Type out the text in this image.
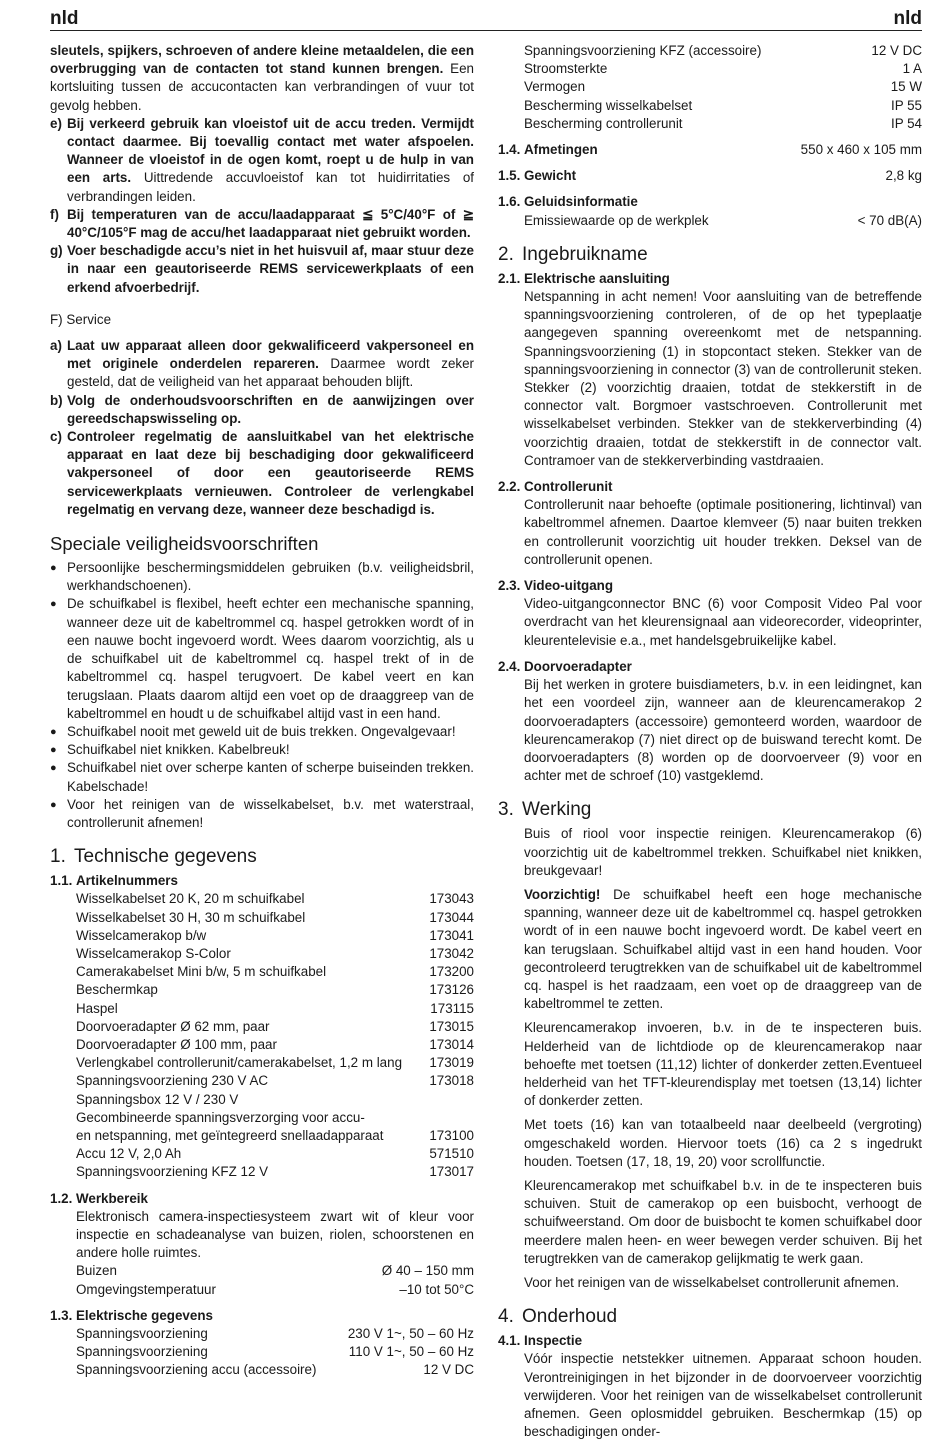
nld	nld

sleutels, spijkers, schroeven of andere kleine metaaldelen, die een overbrugging van de contacten tot stand kunnen brengen. Een kortsluiting tussen de accucontacten kan verbrandingen of vuur tot gevolg hebben.

e) Bij verkeerd gebruik kan vloeistof uit de accu treden. Vermijdt contact daarmee. Bij toevallig contact met water afspoelen. Wanneer de vloeistof in de ogen komt, roept u de hulp in van een arts. Uittredende accuvloeistof kan tot huidirritaties of verbrandingen leiden.
f) Bij temperaturen van de accu/laadapparaat ≦ 5°C/40°F of ≧ 40°C/105°F mag de accu/het laadapparaat niet gebruikt worden.
g) Voer beschadigde accu’s niet in het huisvuil af, maar stuur deze in naar een geautoriseerde REMS servicewerkplaats of een erkend afvoerbedrijf.

F) Service

a) Laat uw apparaat alleen door gekwalificeerd vakpersoneel en met originele onderdelen repareren. Daarmee wordt zeker gesteld, dat de veiligheid van het apparaat behouden blijft.
b) Volg de onderhoudsvoorschriften en de aanwijzingen over gereedschapswisseling op.
c) Controleer regelmatig de aansluitkabel van het elektrische apparaat en laat deze bij beschadiging door gekwalificeerd vakpersoneel of door een geautoriseerde REMS servicewerkplaats vernieuwen. Controleer de verlengkabel regelmatig en vervang deze, wanneer deze beschadigd is.
Speciale veiligheidsvoorschriften
● Persoonlijke beschermingsmiddelen gebruiken (b.v. veiligheidsbril, werkhandschoenen).
● De schuifkabel is flexibel, heeft echter een mechanische spanning, wanneer deze uit de kabeltrommel cq. haspel getrokken wordt of in een nauwe bocht ingevoerd wordt. Wees daarom voorzichtig, als u de schuifkabel uit de kabeltrommel cq. haspel trekt of in de kabeltrommel cq. haspel terugvoert. De kabel veert en kan terugslaan. Plaats daarom altijd een voet op de draaggreep van de kabeltrommel en houdt u de schuifkabel altijd vast in een hand.
● Schuifkabel nooit met geweld uit de buis trekken. Ongevalgevaar!
● Schuifkabel niet knikken. Kabelbreuk!
● Schuifkabel niet over scherpe kanten of scherpe buiseinden trekken. Kabelschade!
● Voor het reinigen van de wisselkabelset, b.v. met waterstraal, controllerunit afnemen!
1. Technische gegevens

1.1. Artikelnummers

Wisselkabelset 20 K, 20 m schuifkabel	173043
Wisselkabelset 30 H, 30 m schuifkabel	173044
Wisselcamerakop b/w	173041
Wisselcamerakop S-Color	173042
Camerakabelset Mini b/w, 5 m schuifkabel	173200
Beschermkap	173126
Haspel	173115
Doorvoeradapter Ø 62 mm, paar	173015
Doorvoeradapter Ø 100 mm, paar	173014
Verlengkabel controllerunit/camerakabelset, 1,2 m lang 173019
Spanningsvoorziening 230 V AC	173018
Spanningsbox 12 V / 230 V
Gecombineerde spanningsverzorging voor accu-
en netspanning, met geïntegreerd snellaadapparaat	173100
Accu 12 V, 2,0 Ah	571510
Spanningsvoorziening KFZ 12 V	173017

1.2. Werkbereik

Elektronisch camera-inspectiesysteem zwart wit of kleur voor inspectie en schadeanalyse van buizen, riolen, schoorstenen en andere holle ruimtes.

Buizen	Ø 40 – 150 mm
Omgevingstemperatuur	–10 tot 50°C

1.3. Elektrische gegevens

Spanningsvoorziening	230 V 1~, 50 – 60 Hz
Spanningsvoorziening	110 V 1~, 50 – 60 Hz
Spanningsvoorziening accu (accessoire)	12 V DC
Spanningsvoorziening KFZ (accessoire)	12 V DC
Stroomsterkte	1 A
Vermogen	15 W
Bescherming wisselkabelset	IP 55
Bescherming controllerunit	IP 54
1.4. Afmetingen	550 x 460 x 105 mm
1.5. Gewicht	2,8 kg

1.6. Geluidsinformatie

Emissiewaarde op de werkplek	< 70 dB(A)
2. Ingebruikname

2.1. Elektrische aansluiting

Netspanning in acht nemen! Voor aansluiting van de betreffende spanningsvoorziening controleren, of de op het typeplaatje aangegeven spanning overeenkomt met de netspanning. Spanningsvoorziening (1) in stopcontact steken. Stekker van de spanningsvoorziening in connector (3) van de controllerunit steken. Stekker (2) voorzichtig draaien, totdat de stekkerstift in de connector valt. Borgmoer vastschroeven. Controllerunit met wisselkabelset verbinden. Stekker van de stekkerverbinding (4) voorzichtig draaien, totdat de stekkerstift in de connector valt. Contramoer van de stekkerverbinding vastdraaien.

2.2. Controllerunit

Controllerunit naar behoefte (optimale positionering, lichtinval) van kabeltrommel afnemen. Daartoe klemveer (5) naar buiten trekken en controllerunit voorzichtig uit houder trekken. Deksel van de controllerunit openen.

2.3. Video-uitgang

Video-uitgangconnector BNC (6) voor Composit Video Pal voor overdracht van het kleurensignaal aan videorecorder, videoprinter, kleurentelevisie e.a., met handelsgebruikelijke kabel.

2.4. Doorvoeradapter

Bij het werken in grotere buisdiameters, b.v. in een leidingnet, kan het een voordeel zijn, wanneer aan de kleurencamerakop 2 doorvoeradapters (accessoire) gemonteerd worden, waardoor de kleurencamerakop (7) niet direct op de buiswand terecht komt. De doorvoeradapters (8) worden op de doorvoerveer (9) voor en achter met de schroef (10) vastgeklemd.

3. Werking

Buis of riool voor inspectie reinigen. Kleurencamerakop (6) voorzichtig uit de kabeltrommel trekken. Schuifkabel niet knikken, breukgevaar!

Voorzichtig! De schuifkabel heeft een hoge mechanische spanning, wanneer deze uit de kabeltrommel cq. haspel getrokken wordt of in een nauwe bocht ingevoerd wordt. De kabel veert en kan terugslaan. Schuifkabel altijd vast in een hand houden. Voor gecontroleerd terugtrekken van de schuifkabel uit de kabeltrommel cq. haspel is het raadzaam, een voet op de draaggreep van de kabeltrommel te zetten.

Kleurencamerakop invoeren, b.v. in de te inspecteren buis. Helderheid van de lichtdiode op de kleurencamerakop naar behoefte met toetsen (11,12) lichter of donkerder zetten.Eventueel helderheid van het TFT-kleurendisplay met toetsen (13,14) lichter of donkerder zetten.

Met toets (16) kan van totaalbeeld naar deelbeeld (vergroting) omgeschakeld worden. Hiervoor toets (16) ca 2 s ingedrukt houden. Toetsen (17, 18, 19, 20) voor scrollfunctie.

Kleurencamerakop met schuifkabel b.v. in de te inspecteren buis schuiven. Stuit de camerakop op een buisbocht, verhoogt de schuifweerstand. Om door de buisbocht te komen schuifkabel door meerdere malen heen- en weer bewegen verder schuiven. Bij het terugtrekken van de camerakop gelijkmatig te werk gaan.

Voor het reinigen van de wisselkabelset controllerunit afnemen.

4. Onderhoud

4.1. Inspectie

Vóór inspectie netstekker uitnemen. Apparaat schoon houden. Verontreinigingen in het bijzonder in de doorvoerveer voorzichtig verwijderen. Voor het reinigen van de wisselkabelset controllerunit afnemen. Geen oplosmiddel gebruiken. Beschermkap (15) op beschadigingen onder-
